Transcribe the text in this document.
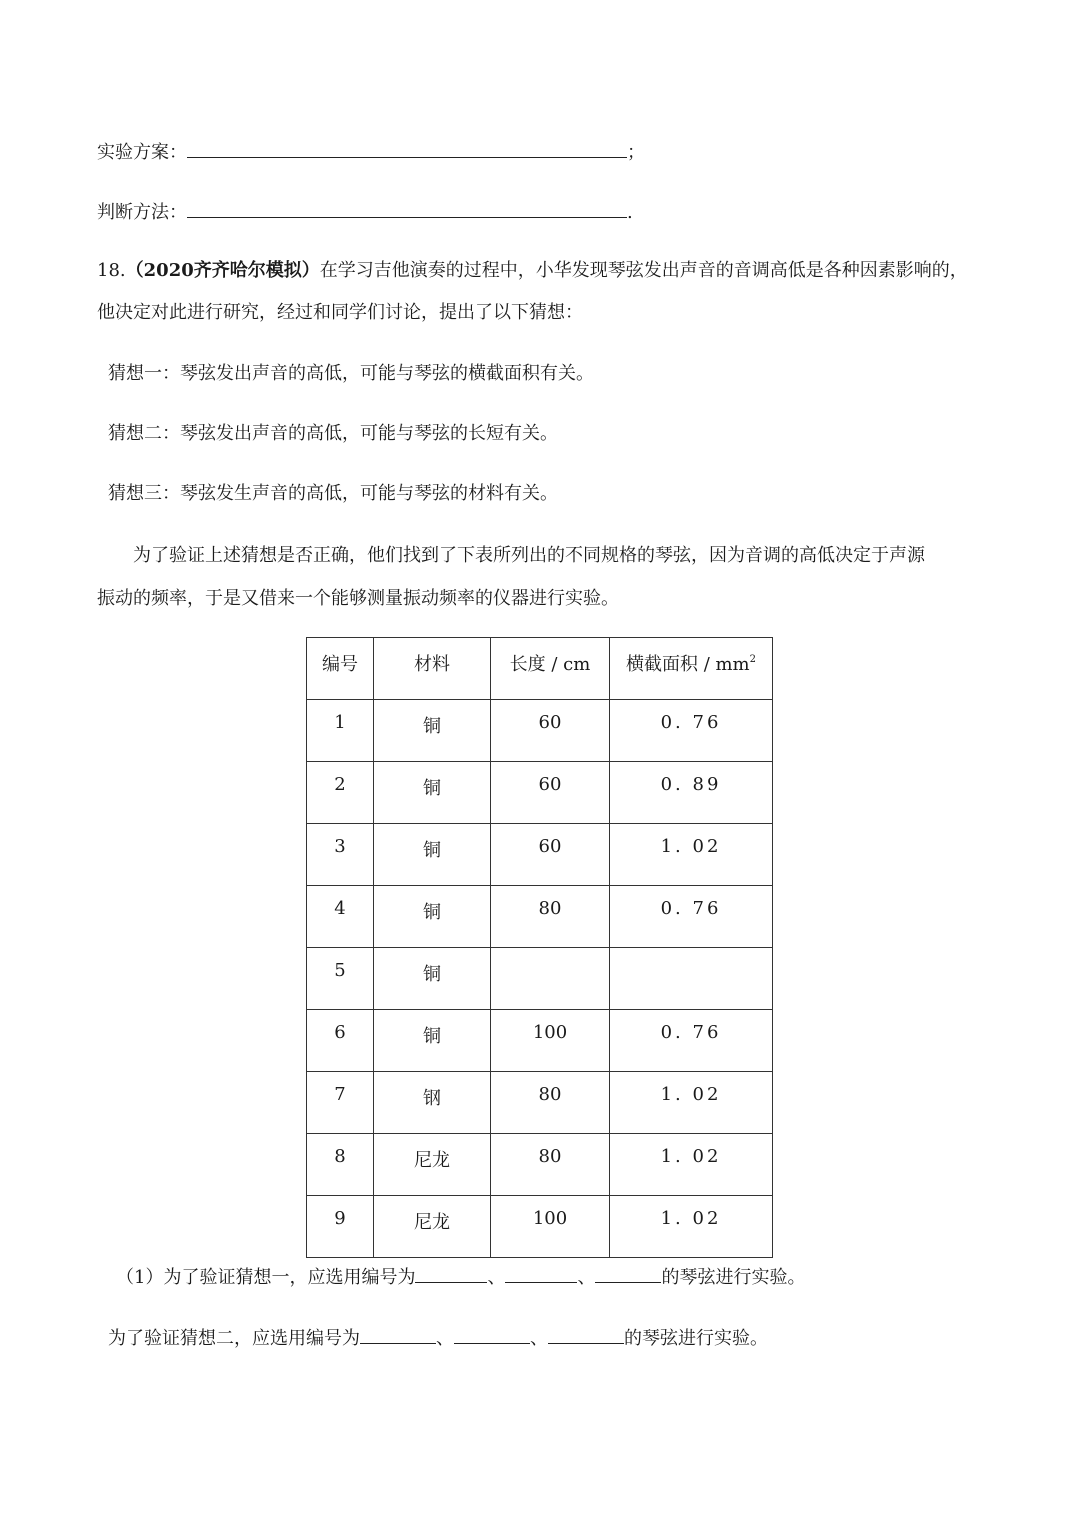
实验方案：	；
判断方法：	.
18.（2020齐齐哈尔模拟）在学习吉他演奏的过程中，小华发现琴弦发出声音的音调高低是各种因素影响的，
他决定对此进行研究，经过和同学们讨论，提出了以下猜想：
猜想一：琴弦发出声音的高低，可能与琴弦的横截面积有关。
猜想二：琴弦发出声音的高低，可能与琴弦的长短有关。
猜想三：琴弦发生声音的高低，可能与琴弦的材料有关。
为了验证上述猜想是否正确，他们找到了下表所列出的不同规格的琴弦，因为音调的高低决定于声源
振动的频率，于是又借来一个能够测量振动频率的仪器进行实验。
编号	材料	长度 / cm	横截面积 / $mm^2$
1	铜	60	0. 76
2	铜	60	0. 89
3	铜	60	1. 02
4	铜	80	0. 76
5	铜		
6	铜	100	0. 76
7	钢	80	1. 02
8	尼龙	80	1. 02
9	尼龙	100	1. 02
（1）为了验证猜想一，应选用编号为	、	、	的琴弦进行实验。
为了验证猜想二，应选用编号为	、	、	的琴弦进行实验。
